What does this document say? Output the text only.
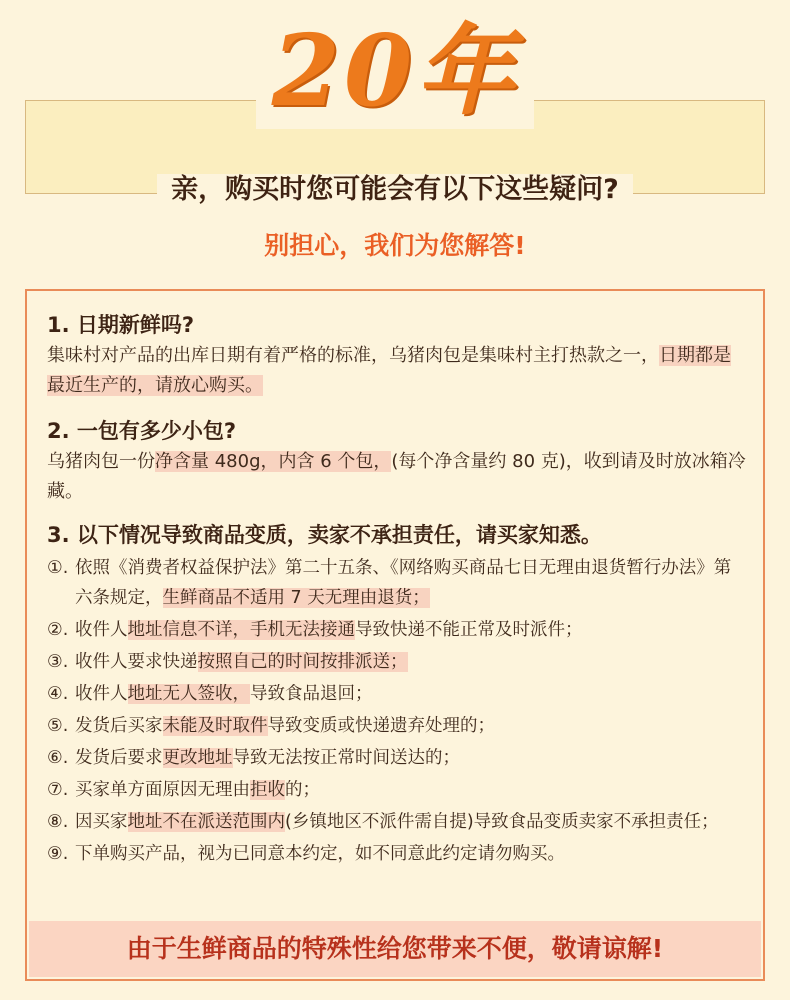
20年
亲，购买时您可能会有以下这些疑问?
别担心，我们为您解答!
1. 日期新鲜吗?
集味村对产品的出库日期有着严格的标准，乌猪肉包是集味村主打热款之一，日期都是最近生产的，请放心购买。
2. 一包有多少小包?
乌猪肉包一份净含量 480g，内含 6 个包，(每个净含量约 80 克)，收到请及时放冰箱冷藏。
3. 以下情况导致商品变质，卖家不承担责任，请买家知悉。
①. 依照《消费者权益保护法》第二十五条、《网络购买商品七日无理由退货暂行办法》第六条规定，生鲜商品不适用 7 天无理由退货；
②. 收件人地址信息不详，手机无法接通导致快递不能正常及时派件；
③. 收件人要求快递按照自己的时间按排派送；
④. 收件人地址无人签收，导致食品退回；
⑤. 发货后买家未能及时取件导致变质或快递遗弃处理的；
⑥. 发货后要求更改地址导致无法按正常时间送达的；
⑦. 买家单方面原因无理由拒收的；
⑧. 因买家地址不在派送范围内(乡镇地区不派件需自提)导致食品变质卖家不承担责任；
⑨. 下单购买产品，视为已同意本约定，如不同意此约定请勿购买。
由于生鲜商品的特殊性给您带来不便，敬请谅解!
